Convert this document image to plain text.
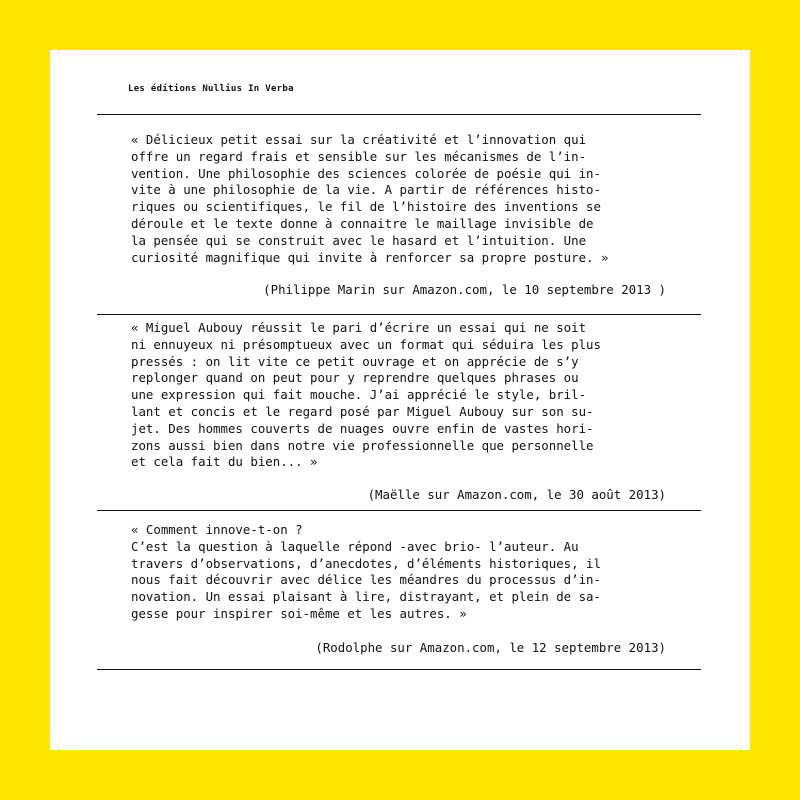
Les éditions Nullius In Verba

« Délicieux petit essai sur la créativité et l’innovation qui
offre un regard frais et sensible sur les mécanismes de l’in-
vention. Une philosophie des sciences colorée de poésie qui in-
vite à une philosophie de la vie. A partir de références histo-
riques ou scientifiques, le fil de l’histoire des inventions se
déroule et le texte donne à connaitre le maillage invisible de
la pensée qui se construit avec le hasard et l’intuition. Une
curiosité magnifique qui invite à renforcer sa propre posture. »

(Philippe Marin sur Amazon.com, le 10 septembre 2013 )

« Miguel Aubouy réussit le pari d’écrire un essai qui ne soit
ni ennuyeux ni présomptueux avec un format qui séduira les plus
pressés : on lit vite ce petit ouvrage et on apprécie de s’y
replonger quand on peut pour y reprendre quelques phrases ou
une expression qui fait mouche. J’ai apprécié le style, bril-
lant et concis et le regard posé par Miguel Aubouy sur son su-
jet. Des hommes couverts de nuages ouvre enfin de vastes hori-
zons aussi bien dans notre vie professionnelle que personnelle
et cela fait du bien... »

(Maëlle sur Amazon.com, le 30 août 2013)

« Comment innove-t-on ?
C’est la question à laquelle répond -avec brio- l’auteur. Au
travers d’observations, d’anecdotes, d’éléments historiques, il
nous fait découvrir avec délice les méandres du processus d’in-
novation. Un essai plaisant à lire, distrayant, et plein de sa-
gesse pour inspirer soi-même et les autres. »

(Rodolphe sur Amazon.com, le 12 septembre 2013)
